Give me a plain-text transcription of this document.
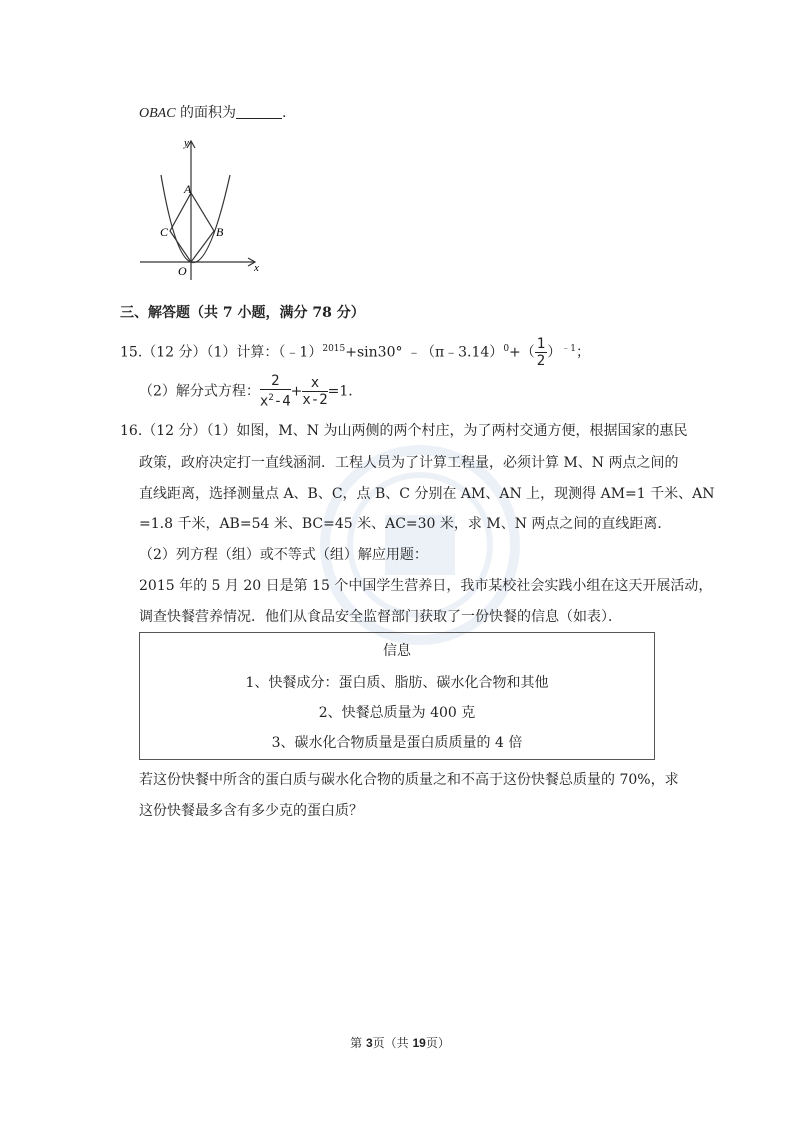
OBAC 的面积为	.
A
B
C
O	x
y
三、解答题（共 7 小题，满分 78 分）
15.（12 分）（1）计算：（﹣1）$^{2015}$+sin30° ﹣（π﹣3.14）$^0$+（ $\frac{1}{2} )^{﹣1}$；
（2）解分式方程： $\frac{2}{x^2-4} + \frac{x}{x-2} =1$.
16.（12 分）（1）如图，M、N 为山两侧的两个村庄，为了两村交通方便，根据国家的惠民
政策，政府决定打一直线涵洞．工程人员为了计算工程量，必须计算 M、N 两点之间的
直线距离，选择测量点 A、B、C，点 B、C 分别在 AM、AN 上，现测得 AM=1 千米、AN
=1.8 千米，AB=54 米、BC=45 米、AC=30 米，求 M、N 两点之间的直线距离．
（2）列方程（组）或不等式（组）解应用题：
2015 年的 5 月 20 日是第 15 个中国学生营养日，我市某校社会实践小组在这天开展活动，
调查快餐营养情况．他们从食品安全监督部门获取了一份快餐的信息（如表）．
信息
1、快餐成分：蛋白质、脂肪、碳水化合物和其他
2、快餐总质量为 400 克
3、碳水化合物质量是蛋白质质量的 4 倍
若这份快餐中所含的蛋白质与碳水化合物的质量之和不高于这份快餐总质量的 70%，求
这份快餐最多含有多少克的蛋白质？
第 3页（共 19页）
